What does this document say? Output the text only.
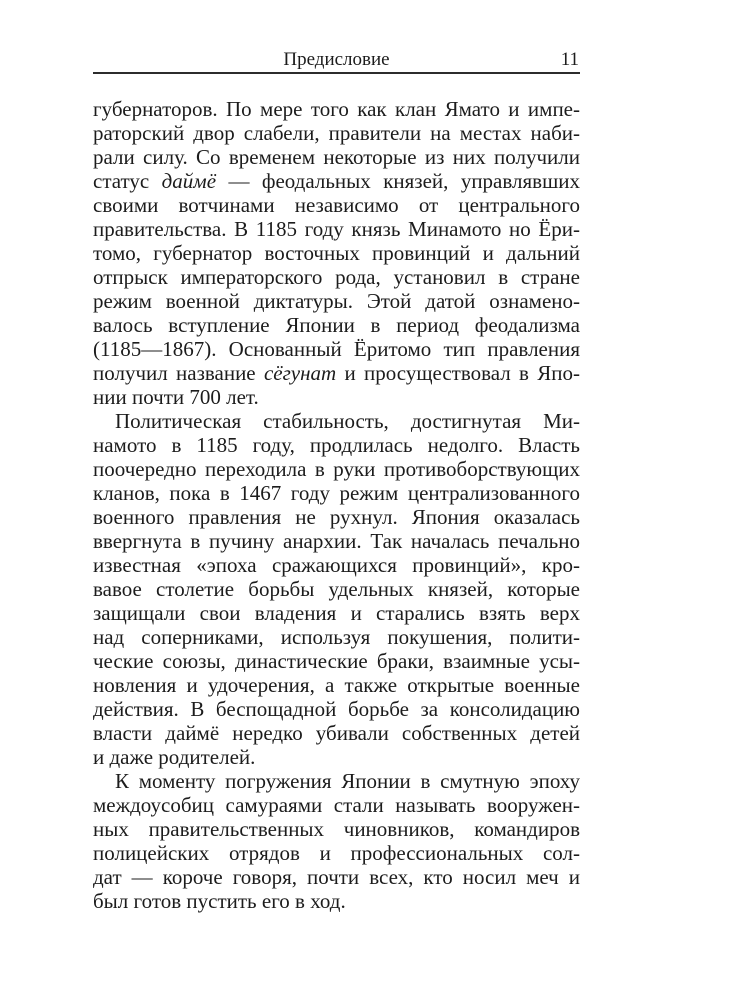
Предисловие	11
губернаторов. По мере того как клан Ямато и импе-
раторский двор слабели, правители на местах наби-
рали силу. Со временем некоторые из них получили
статус даймё — феодальных князей, управлявших
своими вотчинами независимо от центрального
правительства. В 1185 году князь Минамото но Ёри-
томо, губернатор восточных провинций и дальний
отпрыск императорского рода, установил в стране
режим военной диктатуры. Этой датой ознамено-
валось вступление Японии в период феодализма
(1185—1867). Основанный Ёритомо тип правления
получил название сёгунат и просуществовал в Япо-
нии почти 700 лет.
Политическая стабильность, достигнутая Ми-
намото в 1185 году, продлилась недолго. Власть
поочередно переходила в руки противоборствующих
кланов, пока в 1467 году режим централизованного
военного правления не рухнул. Япония оказалась
ввергнута в пучину анархии. Так началась печально
известная «эпоха сражающихся провинций», кро-
вавое столетие борьбы удельных князей, которые
защищали свои владения и старались взять верх
над соперниками, используя покушения, полити-
ческие союзы, династические браки, взаимные усы-
новления и удочерения, а также открытые военные
действия. В беспощадной борьбе за консолидацию
власти даймё нередко убивали собственных детей
и даже родителей.
К моменту погружения Японии в смутную эпоху
междоусобиц самураями стали называть вооружен-
ных правительственных чиновников, командиров
полицейских отрядов и профессиональных сол-
дат — короче говоря, почти всех, кто носил меч и
был готов пустить его в ход.
